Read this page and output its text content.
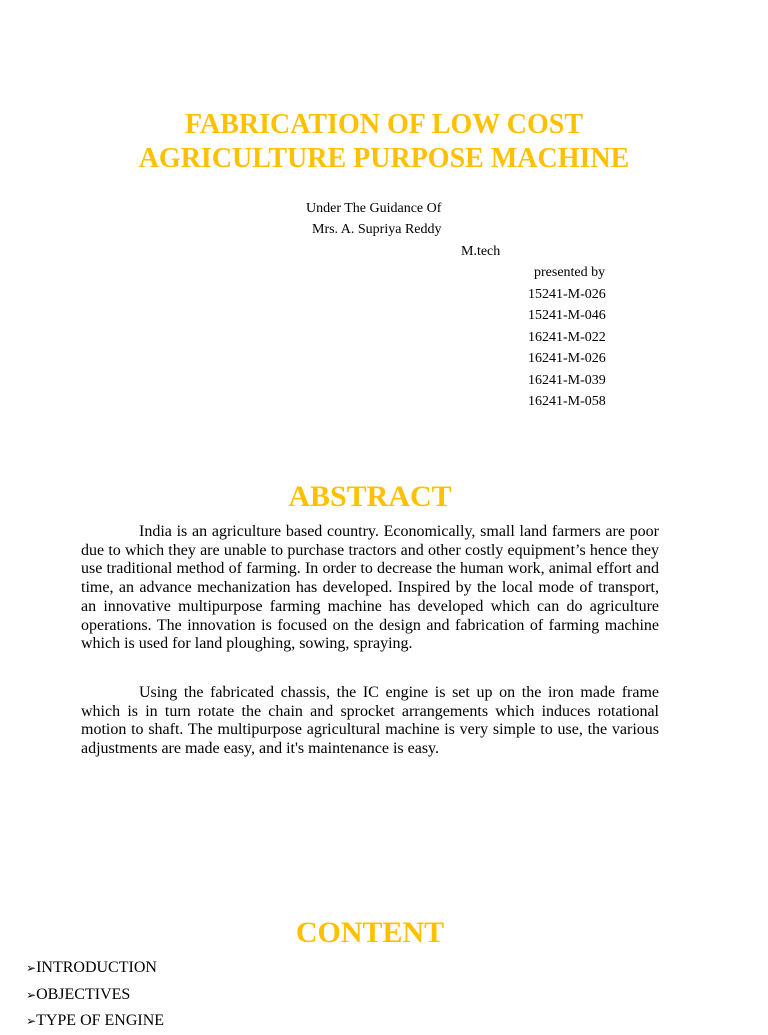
FABRICATION OF LOW COST
AGRICULTURE PURPOSE MACHINE
Under The Guidance Of
Mrs. A. Supriya Reddy
M.tech
presented by
15241-M-026
15241-M-046
16241-M-022
16241-M-026
16241-M-039
16241-M-058
ABSTRACT

India is an agriculture based country. Economically, small land farmers are poor due to which they are unable to purchase tractors and other costly equipment’s hence they use traditional method of farming. In order to decrease the human work, animal effort and time, an advance mechanization has developed. Inspired by the local mode of transport, an innovative multipurpose farming machine has developed which can do agriculture operations. The innovation is focused on the design and fabrication of farming machine which is used for land ploughing, sowing, spraying.

Using the fabricated chassis, the IC engine is set up on the iron made frame which is in turn rotate the chain and sprocket arrangements which induces rotational motion to shaft. The multipurpose agricultural machine is very simple to use, the various adjustments are made easy, and it's maintenance is easy.

CONTENT
➢INTRODUCTION
➢OBJECTIVES
➢TYPE OF ENGINE
